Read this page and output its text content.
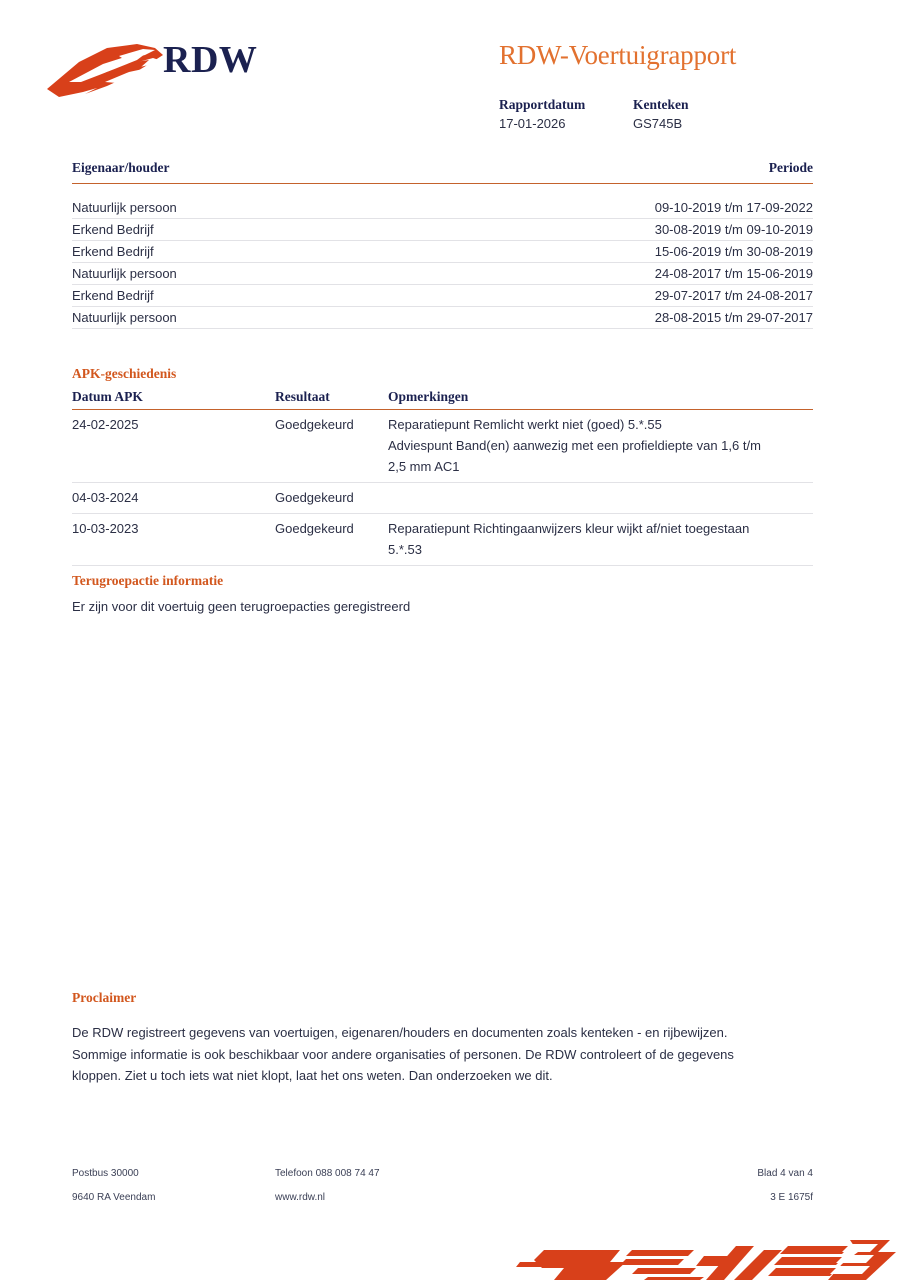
RDW	RDW-Voertuigrapport
Rapportdatum
17-01-2026
Kenteken
GS745B
Eigenaar/houder	Periode
Natuurlijk persoon	09-10-2019 t/m 17-09-2022
Erkend Bedrijf	30-08-2019 t/m 09-10-2019
Erkend Bedrijf	15-06-2019 t/m 30-08-2019
Natuurlijk persoon	24-08-2017 t/m 15-06-2019
Erkend Bedrijf	29-07-2017 t/m 24-08-2017
Natuurlijk persoon	28-08-2015 t/m 29-07-2017
APK-geschiedenis
Datum APK	Resultaat	Opmerkingen
24-02-2025	Goedgekeurd	Reparatiepunt Remlicht werkt niet (goed) 5.*.55
Adviespunt Band(en) aanwezig met een profieldiepte van 1,6 t/m
2,5 mm AC1

04-03-2024	Goedgekeurd	
10-03-2023	Goedgekeurd	Reparatiepunt Richtingaanwijzers kleur wijkt af/niet toegestaan
5.*.53
Terugroepactie informatie
Er zijn voor dit voertuig geen terugroepacties geregistreerd
Proclaimer

De RDW registreert gegevens van voertuigen, eigenaren/houders en documenten zoals kenteken - en rijbewijzen.

Sommige informatie is ook beschikbaar voor andere organisaties of personen. De RDW controleert of de gegevens

kloppen. Ziet u toch iets wat niet klopt, laat het ons weten. Dan onderzoeken we dit.

Postbus 30000	Telefoon 088 008 74 47	Blad 4 van 4
9640 RA Veendam	www.rdw.nl	3 E 1675f
